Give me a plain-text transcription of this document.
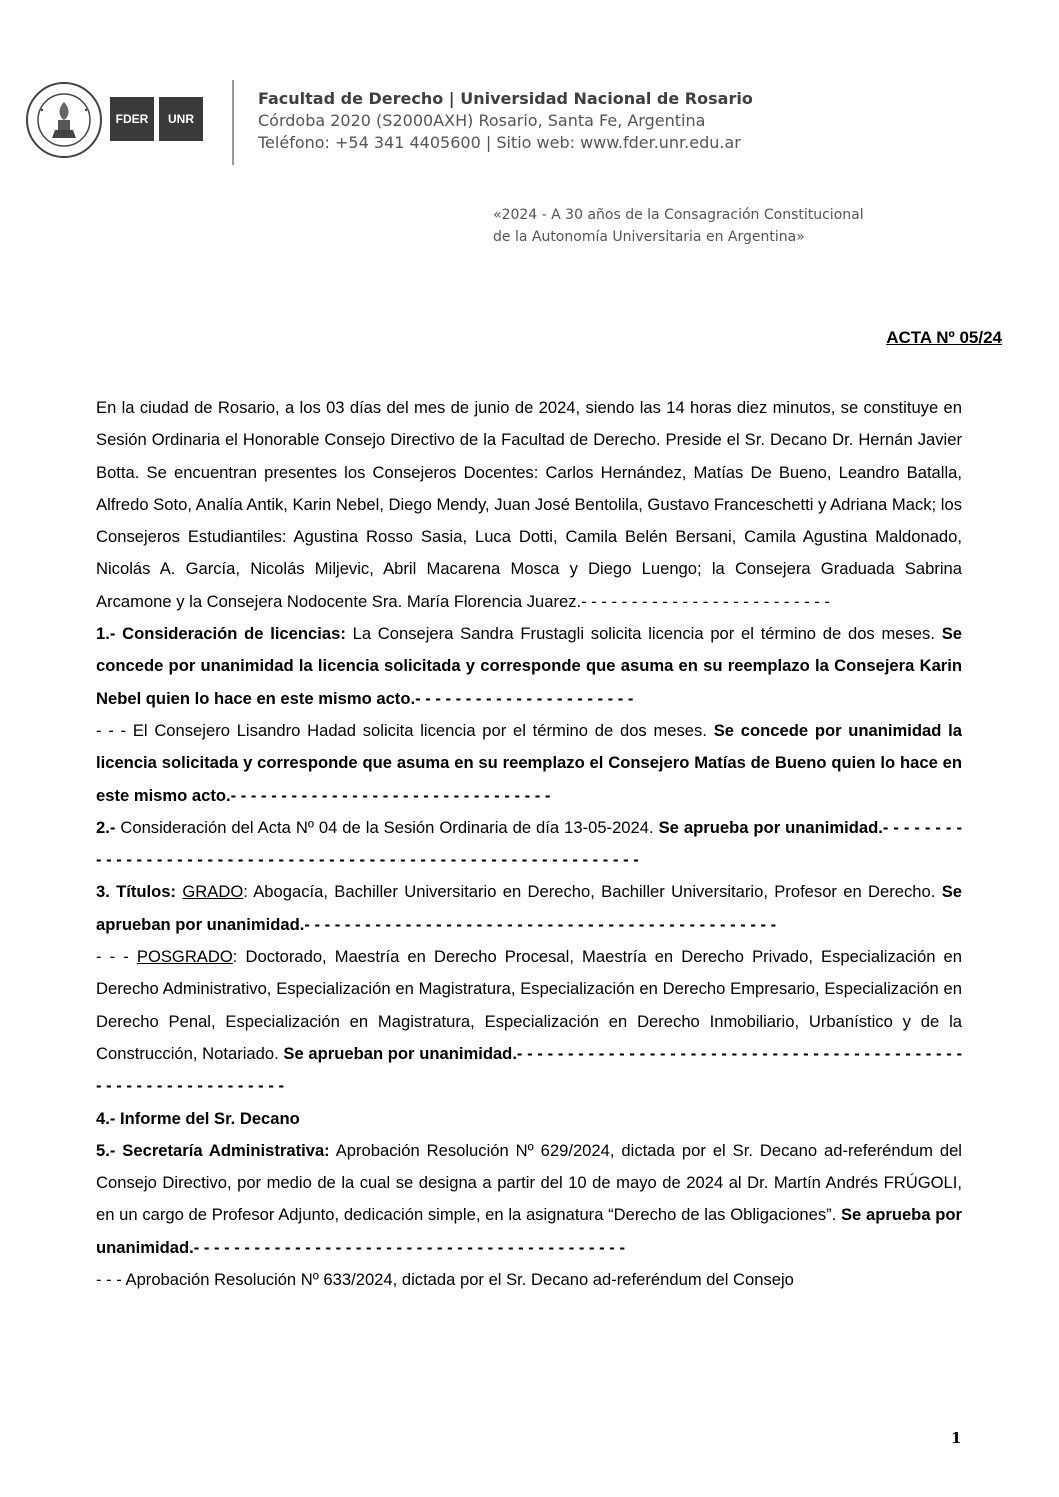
FDER	UNR
Facultad de Derecho | Universidad Nacional de Rosario
Córdoba 2020 (S2000AXH) Rosario, Santa Fe, Argentina
Teléfono: +54 341 4405600 | Sitio web: www.fder.unr.edu.ar
«2024 - A 30 años de la Consagración Constitucional
de la Autonomía Universitaria en Argentina»
ACTA Nº 05/24

En la ciudad de Rosario, a los 03 días del mes de junio de 2024, siendo las 14 horas diez minutos, se constituye en Sesión Ordinaria el Honorable Consejo Directivo de la Facultad de Derecho. Preside el Sr. Decano Dr. Hernán Javier Botta. Se encuentran presentes los Consejeros Docentes: Carlos Hernández, Matías De Bueno, Leandro Batalla, Alfredo Soto, Analía Antik, Karin Nebel, Diego Mendy, Juan José Bentolila, Gustavo Franceschetti y Adriana Mack; los Consejeros Estudiantiles: Agustina Rosso Sasia, Luca Dotti, Camila Belén Bersani, Camila Agustina Maldonado, Nicolás A. García, Nicolás Miljevic, Abril Macarena Mosca y Diego Luengo; la Consejera Graduada Sabrina Arcamone y la Consejera Nodocente Sra. María Florencia Juarez.- - - - - - - - - - - - - - - - - - - - - - - - -

1.- Consideración de licencias: La Consejera Sandra Frustagli solicita licencia por el término de dos meses. Se concede por unanimidad la licencia solicitada y corresponde que asuma en su reemplazo la Consejera Karin Nebel quien lo hace en este mismo acto.- - - - - - - - - - - - - - - - - - - - - -

- - - El Consejero Lisandro Hadad solicita licencia por el término de dos meses. Se concede por unanimidad la licencia solicitada y corresponde que asuma en su reemplazo el Consejero Matías de Bueno quien lo hace en este mismo acto.- - - - - - - - - - - - - - - - - - - - - - - - - - - - - - - -

2.- Consideración del Acta Nº 04 de la Sesión Ordinaria de día 13-05-2024. Se aprueba por unanimidad.- - - - - - - - - - - - - - - - - - - - - - - - - - - - - - - - - - - - - - - - - - - - - - - - - - - - - - - - - - - - - -

3. Títulos: GRADO: Abogacía, Bachiller Universitario en Derecho, Bachiller Universitario, Profesor en Derecho. Se aprueban por unanimidad.- - - - - - - - - - - - - - - - - - - - - - - - - - - - - - - - - - - - - - - - - - - - - - -

- - - POSGRADO: Doctorado, Maestría en Derecho Procesal, Maestría en Derecho Privado, Especialización en Derecho Administrativo, Especialización en Magistratura, Especialización en Derecho Empresario, Especialización en Derecho Penal, Especialización en Magistratura, Especialización en Derecho Inmobiliario, Urbanístico y de la Construcción, Notariado. Se aprueban por unanimidad.- - - - - - - - - - - - - - - - - - - - - - - - - - - - - - - - - - - - - - - - - - - - - - - - - - - - - - - - - - - - - - -

4.- Informe del Sr. Decano

5.- Secretaría Administrativa: Aprobación Resolución Nº 629/2024, dictada por el Sr. Decano ad-referéndum del Consejo Directivo, por medio de la cual se designa a partir del 10 de mayo de 2024 al Dr. Martín Andrés FRÚGOLI, en un cargo de Profesor Adjunto, dedicación simple, en la asignatura “Derecho de las Obligaciones”. Se aprueba por unanimidad.- - - - - - - - - - - - - - - - - - - - - - - - - - - - - - - - - - - - - - - - - - -

- - - Aprobación Resolución Nº 633/2024, dictada por el Sr. Decano ad-referéndum del Consejo

1
